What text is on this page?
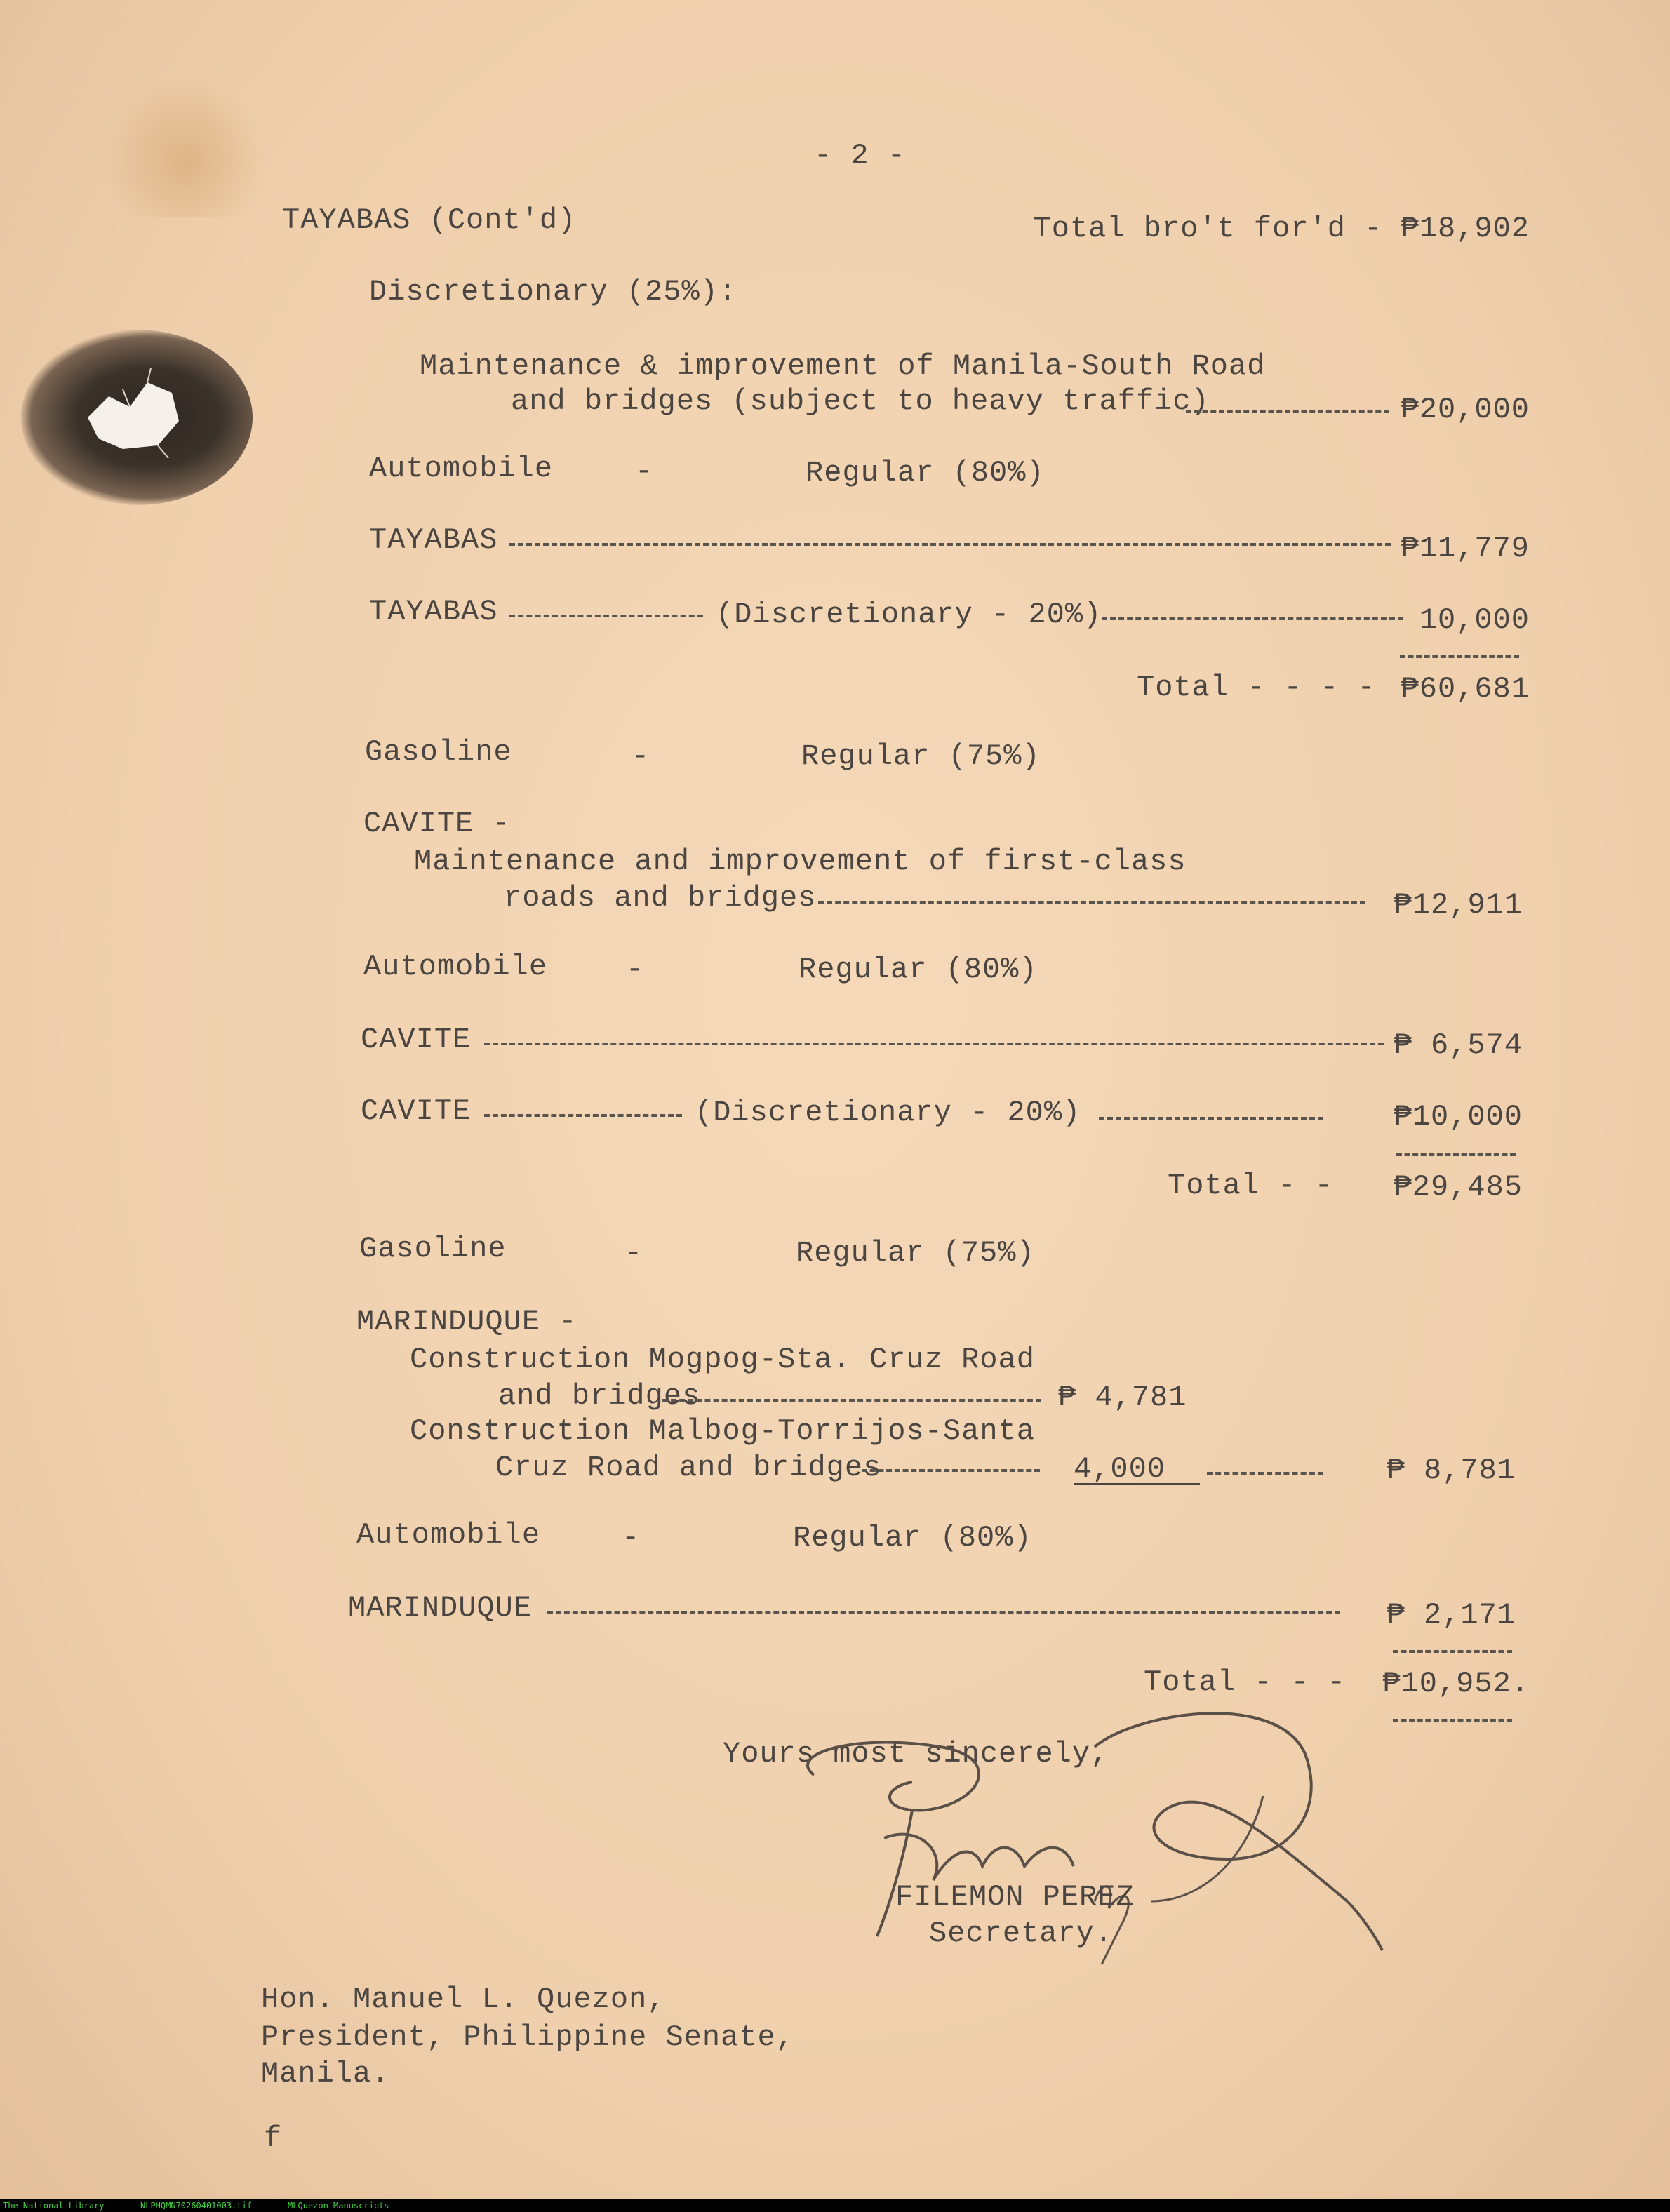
- 2 -
TAYABAS (Cont'd)	Total bro't for'd - ₱18,902
Discretionary (25%):
Maintenance & improvement of Manila-South Road
and bridges (subject to heavy traffic)	₱20,000
Automobile	-	Regular (80%)
TAYABAS	₱11,779
TAYABAS	(Discretionary - 20%)	10,000
Total - - - - ₱60,681
Gasoline	-	Regular (75%)
CAVITE -
Maintenance and improvement of first-class
roads and bridges	₱12,911
Automobile	-	Regular (80%)
CAVITE	₱ 6,574
CAVITE	(Discretionary - 20%)	₱10,000
Total - -	₱29,485
Gasoline	-	Regular (75%)
MARINDUQUE -
Construction Mogpog-Sta. Cruz Road
and bridges	₱ 4,781
Construction Malbog-Torrijos-Santa
Cruz Road and bridges	4,000	₱ 8,781
Automobile	-	Regular (80%)
MARINDUQUE	₱ 2,171
Total - - -	₱10,952.
Yours most sincerely,
FILEMON PEREZ
Secretary.
Hon. Manuel L. Quezon,
President, Philippine Senate,
Manila.
f
The National Library	NLPHQMN70260401003.tif	MLQuezon Manuscripts
